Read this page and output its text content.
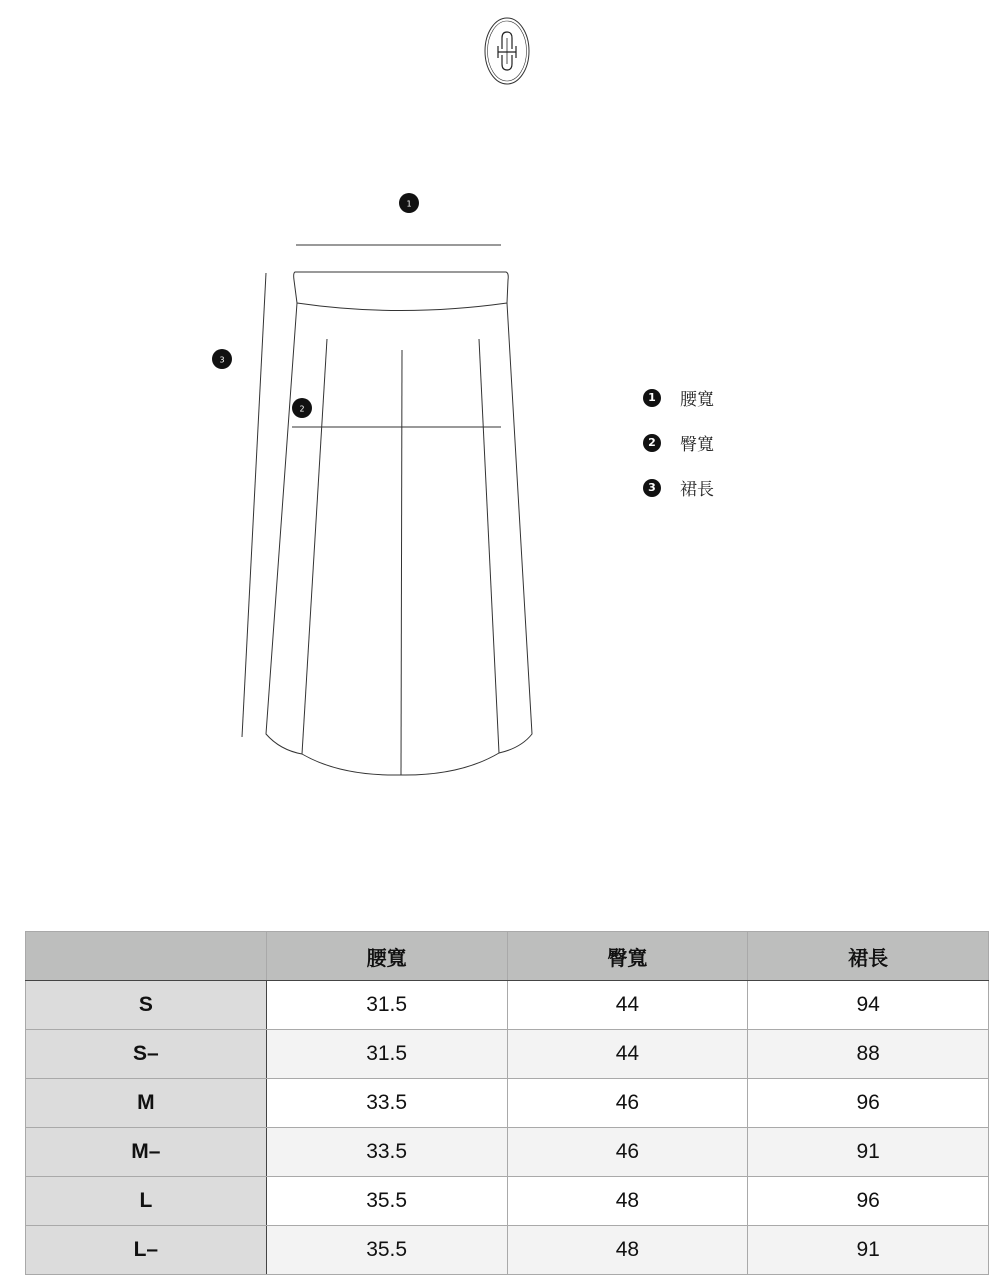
1
2
3
1	腰寬
2	臀寬
3	裙長
	腰寬	臀寬	裙長
S	31.5	44	94
S–	31.5	44	88
M	33.5	46	96
M–	33.5	46	91
L	35.5	48	96
L–	35.5	48	91
